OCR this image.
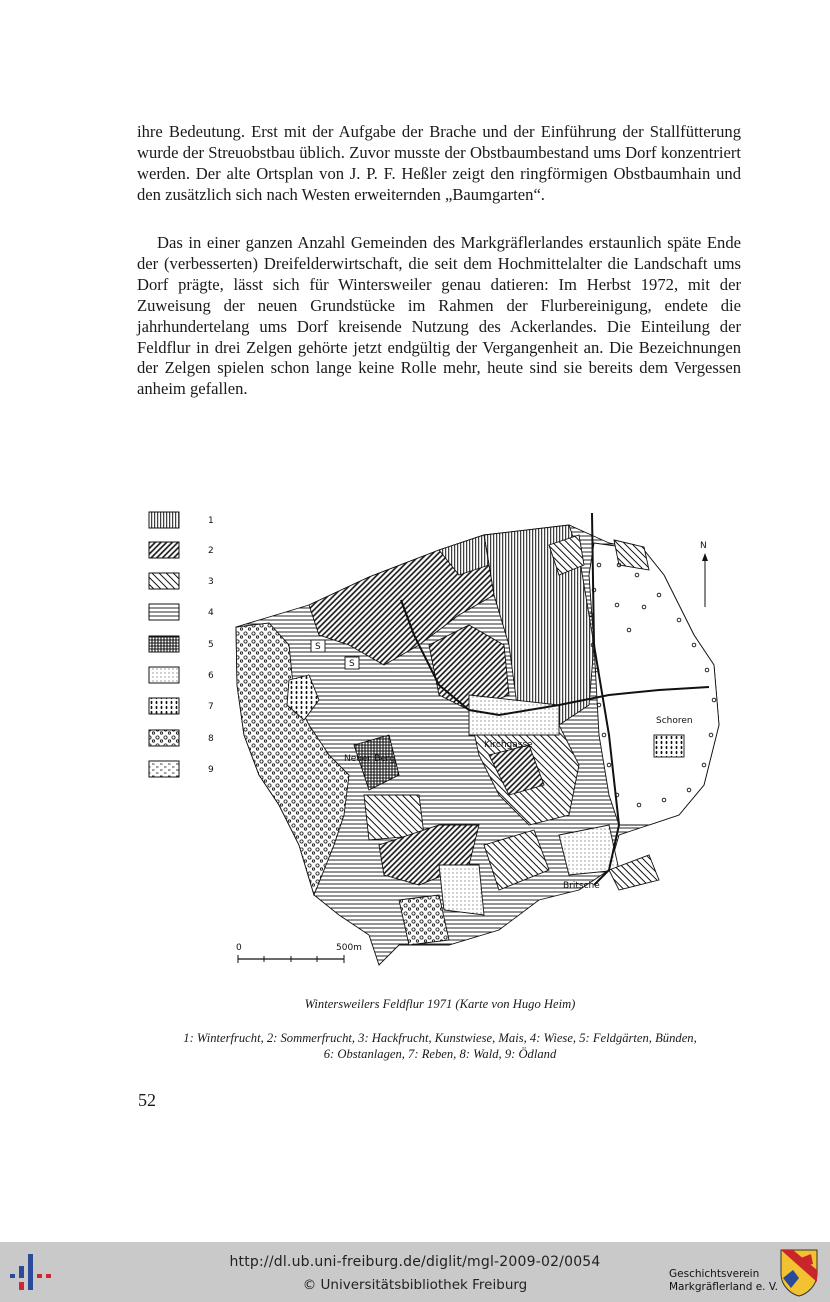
ihre Bedeutung. Erst mit der Aufgabe der Brache und der Einführung der Stallfütterung wurde der Streuobstbau üblich. Zuvor musste der Obstbaumbestand ums Dorf konzentriert werden. Der alte Ortsplan von J. P. F. Heßler zeigt den ringförmigen Obstbaumhain und den zusätzlich sich nach Westen erweiternden „Baumgarten“.

Das in einer ganzen Anzahl Gemeinden des Markgräflerlandes erstaunlich späte Ende der (verbesserten) Dreifelderwirtschaft, die seit dem Hochmittelalter die Landschaft ums Dorf prägte, lässt sich für Wintersweiler genau datieren: Im Herbst 1972, mit der Zuweisung der neuen Grundstücke im Rahmen der Flurbereinigung, endete die jahrhundertelang ums Dorf kreisende Nutzung des Ackerlandes. Die Einteilung der Feldflur in drei Zelgen gehörte jetzt endgültig der Vergangenheit an. Die Bezeichnungen der Zelgen spielen schon lange keine Rolle mehr, heute sind sie bereits dem Vergessen anheim gefallen.

1
2
3
4
5
6
7
8
9
N
S
S
Neuer Berg
Kirchgasse
Schoren
Britsche
0	500m
Wintersweilers Feldflur 1971 (Karte von Hugo Heim)
1: Winterfrucht, 2: Sommerfrucht, 3: Hackfrucht, Kunstwiese, Mais, 4: Wiese, 5: Feldgärten, Bünden,
6: Obstanlagen, 7: Reben, 8: Wald, 9: Ödland
52
http://dl.ub.uni-freiburg.de/diglit/mgl-2009-02/0054
© Universitätsbibliothek Freiburg
Geschichtsverein
Markgräflerland e. V.
